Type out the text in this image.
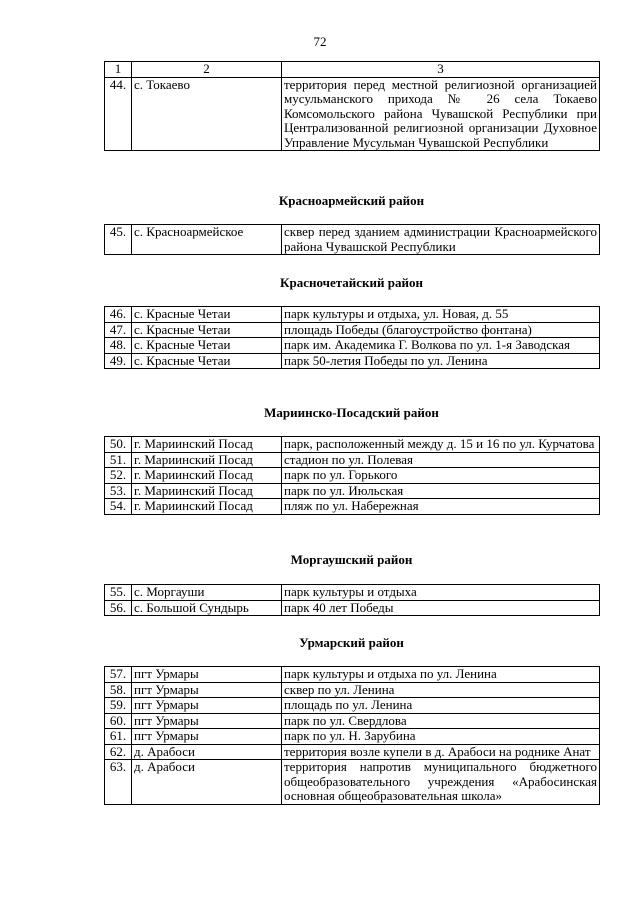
72
1	2	3
44.	с. Токаево	территория перед местной религиозной организацией мусульманского прихода № 26 села Токаево Комсомольского района Чувашской Республики при Централизованной религиозной организации Духовное Управление Мусульман Чувашской Республики
Красноармейский район
45.	с. Красноармейское	сквер перед зданием администрации Красноармейского района Чувашской Республики
Красночетайский район
46.	с. Красные Четаи	парк культуры и отдыха, ул. Новая, д. 55
47.	с. Красные Четаи	площадь Победы (благоустройство фонтана)
48.	с. Красные Четаи	парк им. Академика Г. Волкова по ул. 1-я Заводская
49.	с. Красные Четаи	парк 50-летия Победы по ул. Ленина
Мариинско-Посадский район
50.	г. Мариинский Посад	парк, расположенный между д. 15 и 16 по ул. Курчатова
51.	г. Мариинский Посад	стадион по ул. Полевая
52.	г. Мариинский Посад	парк по ул. Горького
53.	г. Мариинский Посад	парк по ул. Июльская
54.	г. Мариинский Посад	пляж по ул. Набережная
Моргаушский район
55.	с. Моргауши	парк культуры и отдыха
56.	с. Большой Сундырь	парк 40 лет Победы
Урмарский район
57.	пгт Урмары	парк культуры и отдыха по ул. Ленина
58.	пгт Урмары	сквер по ул. Ленина
59.	пгт Урмары	площадь по ул. Ленина
60.	пгт Урмары	парк по ул. Свердлова
61.	пгт Урмары	парк по ул. Н. Зарубина
62.	д. Арабоси	территория возле купели в д. Арабоси на роднике Анат
63.	д. Арабоси	территория напротив муниципального бюджетного общеобразовательного учреждения «Арабосинская основная общеобразовательная школа»
